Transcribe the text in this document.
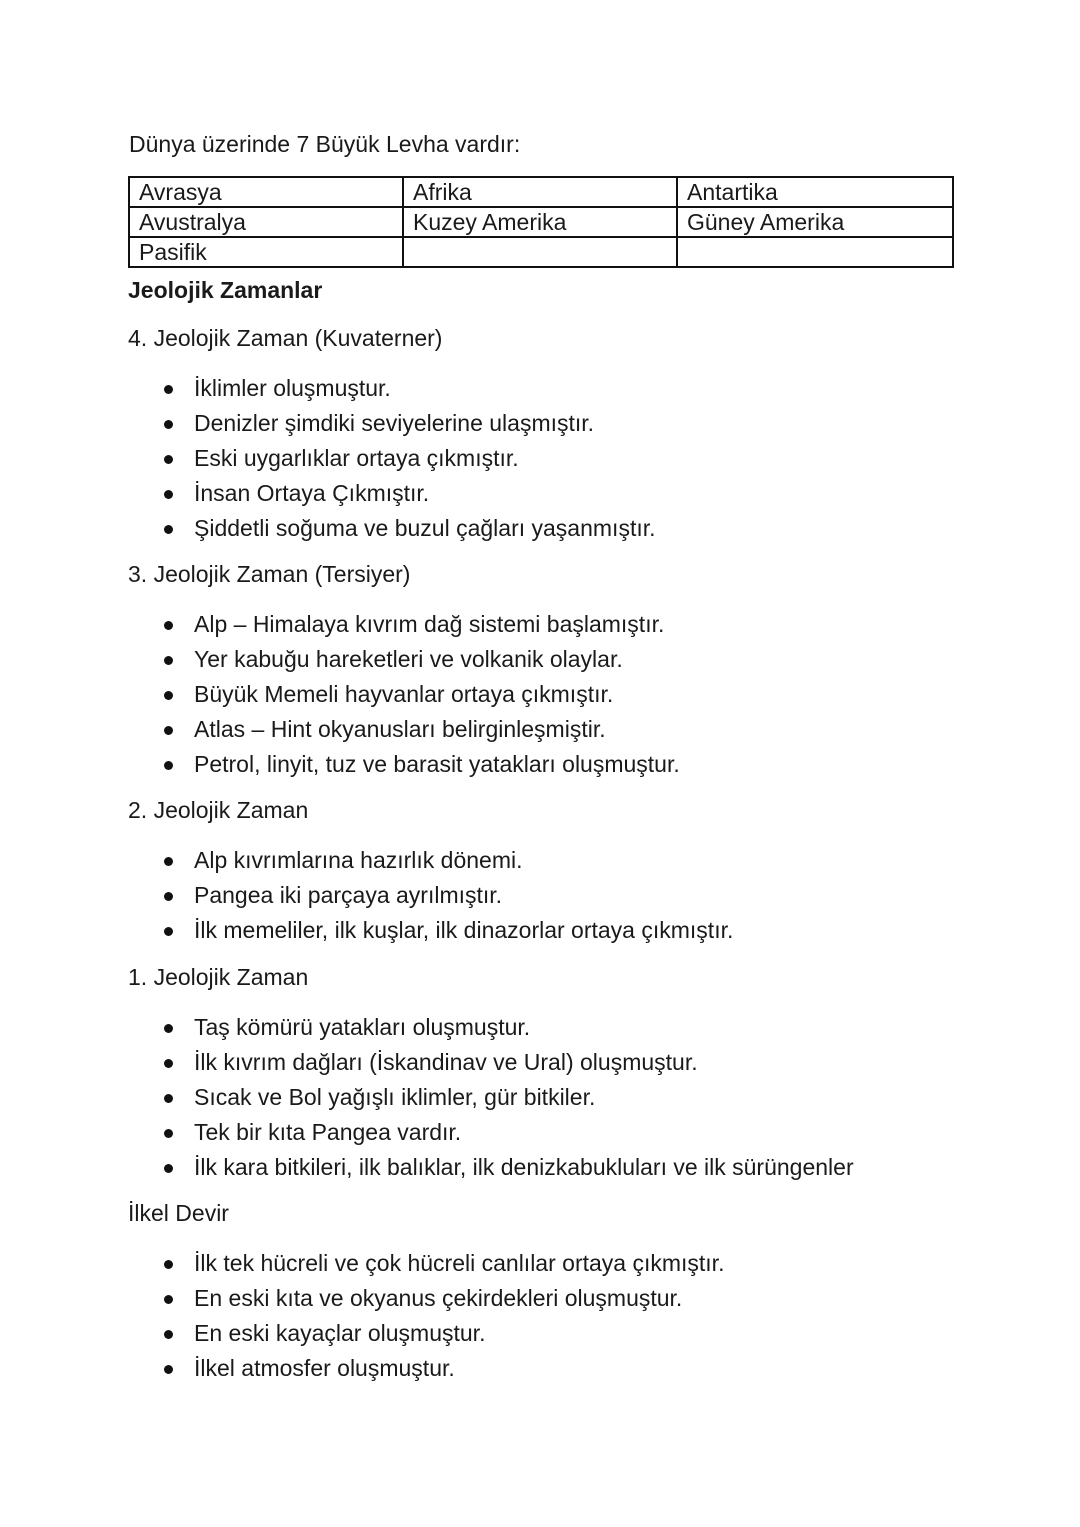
Dünya üzerinde 7 Büyük Levha vardır:

Avrasya	Afrika	Antartika
Avustralya	Kuzey Amerika	Güney Amerika
Pasifik		

Jeolojik Zamanlar

4. Jeolojik Zaman (Kuvaterner)
İklimler oluşmuştur.
Denizler şimdiki seviyelerine ulaşmıştır.
Eski uygarlıklar ortaya çıkmıştır.
İnsan Ortaya Çıkmıştır.
Şiddetli soğuma ve buzul çağları yaşanmıştır.
3. Jeolojik Zaman (Tersiyer)
Alp – Himalaya kıvrım dağ sistemi başlamıştır.
Yer kabuğu hareketleri ve volkanik olaylar.
Büyük Memeli hayvanlar ortaya çıkmıştır.
Atlas – Hint okyanusları belirginleşmiştir.
Petrol, linyit, tuz ve barasit yatakları oluşmuştur.
2. Jeolojik Zaman
Alp kıvrımlarına hazırlık dönemi.
Pangea iki parçaya ayrılmıştır.
İlk memeliler, ilk kuşlar, ilk dinazorlar ortaya çıkmıştır.
1. Jeolojik Zaman
Taş kömürü yatakları oluşmuştur.
İlk kıvrım dağları (İskandinav ve Ural) oluşmuştur.
Sıcak ve Bol yağışlı iklimler, gür bitkiler.
Tek bir kıta Pangea vardır.
İlk kara bitkileri, ilk balıklar, ilk denizkabukluları ve ilk sürüngenler
İlkel Devir
İlk tek hücreli ve çok hücreli canlılar ortaya çıkmıştır.
En eski kıta ve okyanus çekirdekleri oluşmuştur.
En eski kayaçlar oluşmuştur.
İlkel atmosfer oluşmuştur.
